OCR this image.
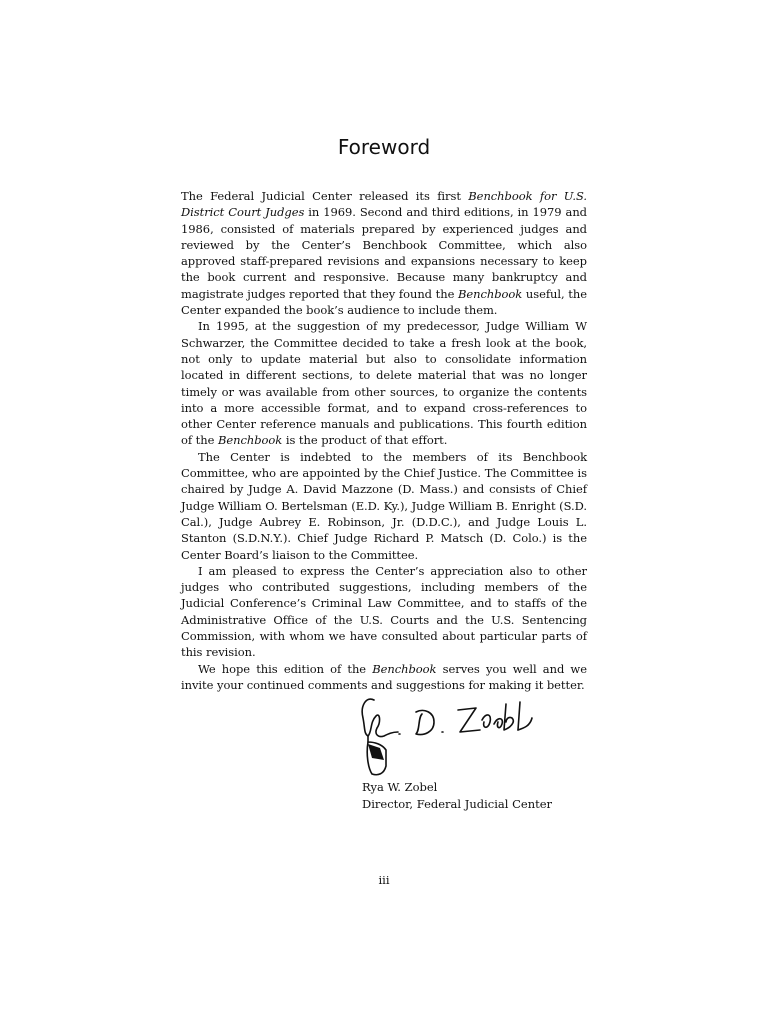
Foreword

The Federal Judicial Center released its first Benchbook for U.S. District Court Judges in 1969. Second and third editions, in 1979 and 1986, consisted of materials prepared by experienced judges and reviewed by the Center’s Benchbook Committee, which also approved staff-prepared revisions and expansions necessary to keep the book current and responsive. Because many bankruptcy and magistrate judges reported that they found the Benchbook useful, the Center expanded the book’s audience to include them.

In 1995, at the suggestion of my predecessor, Judge William W Schwarzer, the Committee decided to take a fresh look at the book, not only to update material but also to consolidate information located in different sections, to delete material that was no longer timely or was available from other sources, to organize the contents into a more accessible format, and to expand cross-references to other Center reference manuals and publications. This fourth edition of the Benchbook is the product of that effort.

The Center is indebted to the members of its Benchbook Committee, who are appointed by the Chief Justice. The Committee is chaired by Judge A. David Mazzone (D. Mass.) and consists of Chief Judge William O. Bertelsman (E.D. Ky.), Judge William B. Enright (S.D. Cal.), Judge Aubrey E. Robinson, Jr. (D.D.C.), and Judge Louis L. Stanton (S.D.N.Y.). Chief Judge Richard P. Matsch (D. Colo.) is the Center Board’s liaison to the Committee.

I am pleased to express the Center’s appreciation also to other judges who contributed suggestions, including members of the Judicial Conference’s Criminal Law Committee, and to staffs of the Administrative Office of the U.S. Courts and the U.S. Sentencing Commission, with whom we have consulted about particular parts of this revision.

We hope this edition of the Benchbook serves you well and we invite your continued comments and suggestions for making it better.

Rya W. Zobel
Director, Federal Judicial Center
iii
